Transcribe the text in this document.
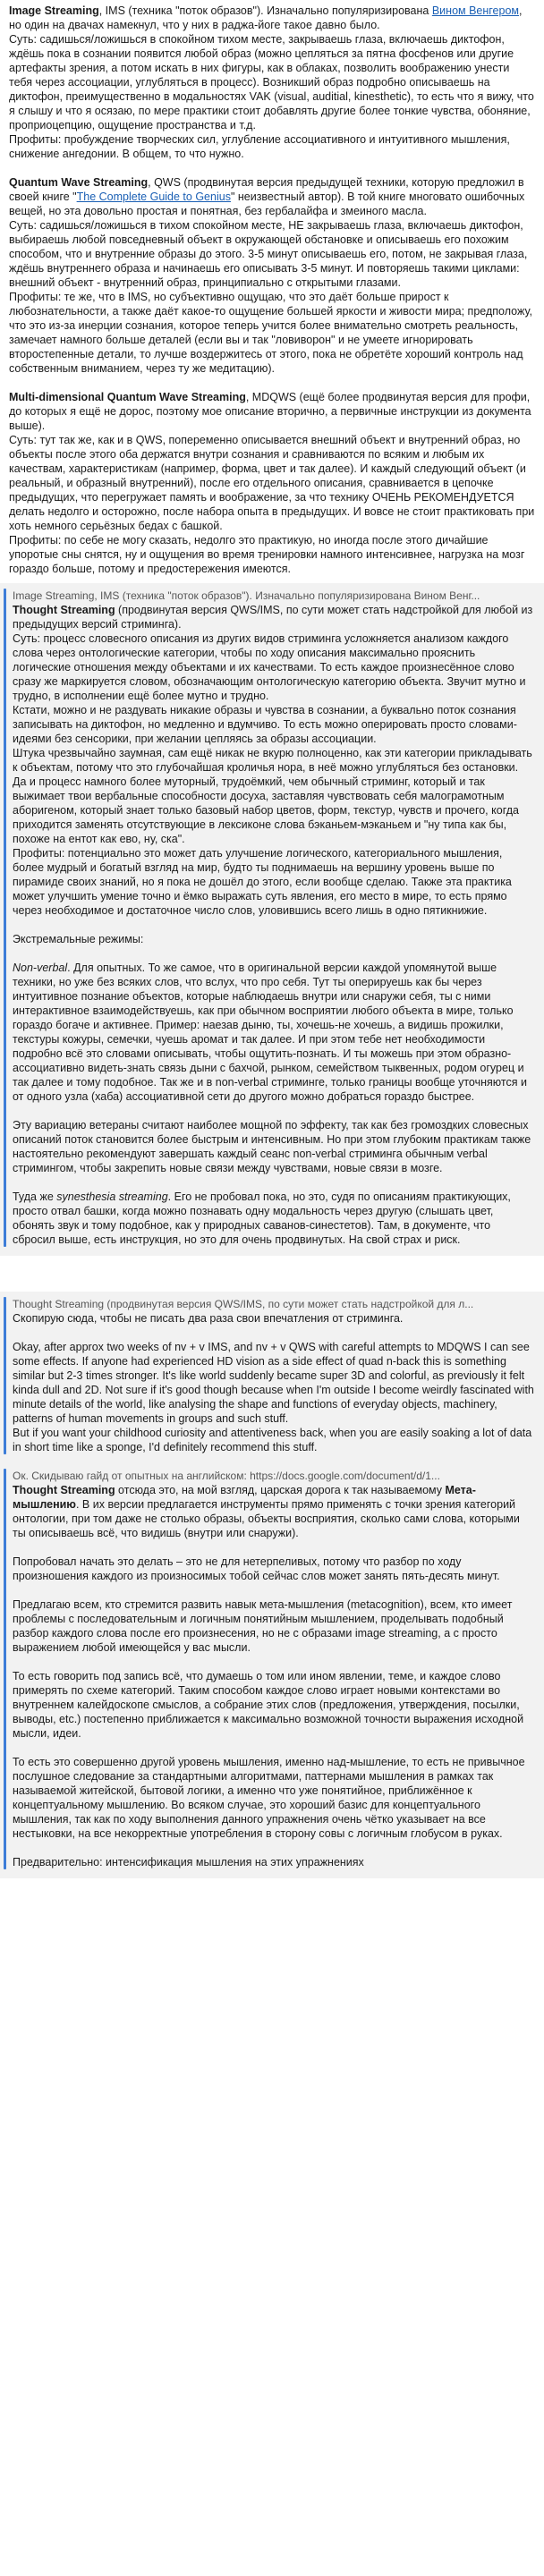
Image Streaming, IMS (техника "поток образов"). Изначально популяризирована Вином Венгером, но один на двачах намекнул, что у них в раджа-йоге такое давно было.

Суть: садишься/ложишься в спокойном тихом месте, закрываешь глаза, включаешь диктофон, ждёшь пока в сознании появится любой образ (можно цепляться за пятна фосфенов или другие артефакты зрения, а потом искать в них фигуры, как в облаках, позволить воображению унести тебя через ассоциации, углубляться в процесс). Возникший образ подробно описываешь на диктофон, преимущественно в модальностях VAK (visual, auditial, kinesthetic), то есть что я вижу, что я слышу и что я осязаю, по мере практики стоит добавлять другие более тонкие чувства, обоняние, проприоцепцию, ощущение пространства и т.д.

Профиты: пробуждение творческих сил, углубление ассоциативного и интуитивного мышления, снижение ангедонии. В общем, то что нужно.

Quantum Wave Streaming, QWS (продвинутая версия предыдущей техники, которую предложил в своей книге "The Complete Guide to Genius" неизвестный автор). В той книге многовато ошибочных вещей, но эта довольно простая и понятная, без гербалайфа и змеиного масла.

Суть: садишься/ложишься в тихом спокойном месте, НЕ закрываешь глаза, включаешь диктофон, выбираешь любой повседневный объект в окружающей обстановке и описываешь его похожим способом, что и внутренние образы до этого. 3-5 минут описываешь его, потом, не закрывая глаза, ждёшь внутреннего образа и начинаешь его описывать 3-5 минут. И повторяешь такими циклами: внешний объект - внутренний образ, принципиально с открытыми глазами.

Профиты: те же, что в IMS, но субъективно ощущаю, что это даёт больше прирост к любознательности, а также даёт какое-то ощущение большей яркости и живости мира; предположу, что это из-за инерции сознания, которое теперь учится более внимательно смотреть реальность, замечает намного больше деталей (если вы и так "ловиворон" и не умеете игнорировать второстепенные детали, то лучше воздержитесь от этого, пока не обретёте хороший контроль над собственным вниманием, через ту же медитацию).

Multi-dimensional Quantum Wave Streaming, MDQWS (ещё более продвинутая версия для профи, до которых я ещё не дорос, поэтому мое описание вторично, а первичные инструкции из документа выше).

Суть: тут так же, как и в QWS, попеременно описывается внешний объект и внутренний образ, но объекты после этого оба держатся внутри сознания и сравниваются по всяким и любым их качествам, характеристикам (например, форма, цвет и так далее). И каждый следующий объект (и реальный, и образный внутренний), после его отдельного описания, сравнивается в цепочке предыдущих, что перегружает память и воображение, за что технику ОЧЕНЬ РЕКОМЕНДУЕТСЯ делать недолго и осторожно, после набора опыта в предыдущих. И вовсе не стоит практиковать при хоть немного серьёзных бедах с башкой.

Профиты: по себе не могу сказать, недолго это практикую, но иногда после этого дичайшие упоротые сны снятся, ну и ощущения во время тренировки намного интенсивнее, нагрузка на мозг гораздо больше, потому и предостережения имеются.

Image Streaming, IMS (техника "поток образов"). Изначально популяризирована Вином Венг...

Thought Streaming (продвинутая версия QWS/IMS, по сути может стать надстройкой для любой из предыдущих версий стриминга).

Суть: процесс словесного описания из других видов стриминга усложняется анализом каждого слова через онтологические категории, чтобы по ходу описания максимально прояснить логические отношения между объектами и их качествами. То есть каждое произнесённое слово сразу же маркируется словом, обозначающим онтологическую категорию объекта. Звучит мутно и трудно, в исполнении ещё более мутно и трудно.

Кстати, можно и не раздувать никакие образы и чувства в сознании, а буквально поток сознания записывать на диктофон, но медленно и вдумчиво. То есть можно оперировать просто словами-идеями без сенсорики, при желании цепляясь за образы ассоциации.

Штука чрезвычайно заумная, сам ещё никак не вкурю полноценно, как эти категории прикладывать к объектам, потому что это глубочайшая кроличья нора, в неё можно углубляться без остановки. Да и процесс намного более муторный, трудоёмкий, чем обычный стриминг, который и так выжимает твои вербальные способности досуха, заставляя чувствовать себя малограмотным аборигеном, который знает только базовый набор цветов, форм, текстур, чувств и прочего, когда приходится заменять отсутствующие в лексиконе слова бэканьем-мэканьем и "ну типа как бы, похоже на ентот как ево, ну, ска".

Профиты: потенциально это может дать улучшение логического, категориального мышления, более мудрый и богатый взгляд на мир, будто ты поднимаешь на вершину уровень выше по пирамиде своих знаний, но я пока не дошёл до этого, если вообще сделаю. Также эта практика может улучшить умение точно и ёмко выражать суть явления, его место в мире, то есть прямо через необходимое и достаточное число слов, уловившись всего лишь в одно пятикнижие.

Экстремальные режимы:

Non-verbal. Для опытных. То же самое, что в оригинальной версии каждой упомянутой выше техники, но уже без всяких слов, что вслух, что про себя. Тут ты оперируешь как бы через интуитивное познание объектов, которые наблюдаешь внутри или снаружи себя, ты с ними интерактивное взаимодействуешь, как при обычном восприятии любого объекта в мире, только гораздо богаче и активнее. Пример: наезав дыню, ты, хочешь-не хочешь, а видишь прожилки, текстуры кожуры, семечки, чуешь аромат и так далее. И при этом тебе нет необходимости подробно всё это словами описывать, чтобы ощутить-познать. И ты можешь при этом образно-ассоциативно видеть-знать связь дыни с бахчой, рынком, семейством тыквенных, родом огурец и так далее и тому подобное. Так же и в non-verbal стриминге, только границы вообще уточняются и от одного узла (хаба) ассоциативной сети до другого можно добраться гораздо быстрее.

Эту вариацию ветераны считают наиболее мощной по эффекту, так как без громоздких словесных описаний поток становится более быстрым и интенсивным. Но при этом глубоким практикам также настоятельно рекомендуют завершать каждый сеанс non-verbal стриминга обычным verbal стримингом, чтобы закрепить новые связи между чувствами, новые связи в мозге.

Туда же synesthesia streaming. Его не пробовал пока, но это, судя по описаниям практикующих, просто отвал башки, когда можно познавать одну модальность через другую (слышать цвет, обонять звук и тому подобное, как у природных саванов-синестетов). Там, в документе, что сбросил выше, есть инструкция, но это для очень продвинутых. На свой страх и риск.

Thought Streaming (продвинутая версия QWS/IMS, по сути может стать надстройкой для л...

Скопирую сюда, чтобы не писать два раза свои впечатления от стриминга.

Okay, after approx two weeks of nv + v IMS, and nv + v QWS with careful attempts to MDQWS I can see some effects. If anyone had experienced HD vision as a side effect of quad n-back this is something similar but 2-3 times stronger. It's like world suddenly became super 3D and colorful, as previously it felt kinda dull and 2D. Not sure if it's good though because when I'm outside I become weirdly fascinated with minute details of the world, like analysing the shape and functions of everyday objects, machinery, patterns of human movements in groups and such stuff.

But if you want your childhood curiosity and attentiveness back, when you are easily soaking a lot of data in short time like a sponge, I'd definitely recommend this stuff.

Ок. Скидываю гайд от опытных на английском: https://docs.google.com/document/d/1...

Thought Streaming отсюда это, на мой взгляд, царская дорога к так называемому Мета-мышлению. В их версии предлагается инструменты прямо применять с точки зрения категорий онтологии, при том даже не столько образы, объекты восприятия, сколько сами слова, которыми ты описываешь всё, что видишь (внутри или снаружи).

Попробовал начать это делать – это не для нетерпеливых, потому что разбор по ходу произношения каждого из произносимых тобой сейчас слов может занять пять-десять минут.

Предлагаю всем, кто стремится развить навык мета-мышления (metacognition), всем, кто имеет проблемы с последовательным и логичным понятийным мышлением, проделывать подобный разбор каждого слова после его произнесения, но не с образами image streaming, а с просто выражением любой имеющейся у вас мысли.

То есть говорить под запись всё, что думаешь о том или ином явлении, теме, и каждое слово примерять по схеме категорий. Таким способом каждое слово играет новыми контекстами во внутреннем калейдоскопе смыслов, а собрание этих слов (предложения, утверждения, посылки, выводы, etc.) постепенно приближается к максимально возможной точности выражения исходной мысли, идеи.

То есть это совершенно другой уровень мышления, именно над-мышление, то есть не привычное послушное следование за стандартными алгоритмами, паттернами мышления в рамках так называемой житейской, бытовой логики, а именно что уже понятийное, приближённое к концептуальному мышлению. Во всяком случае, это хороший базис для концептуального мышления, так как по ходу выполнения данного упражнения очень чётко указывает на все нестыковки, на все некорректные употребления в сторону совы с логичным глобусом в руках.

Предварительно: интенсификация мышления на этих упражнениях
